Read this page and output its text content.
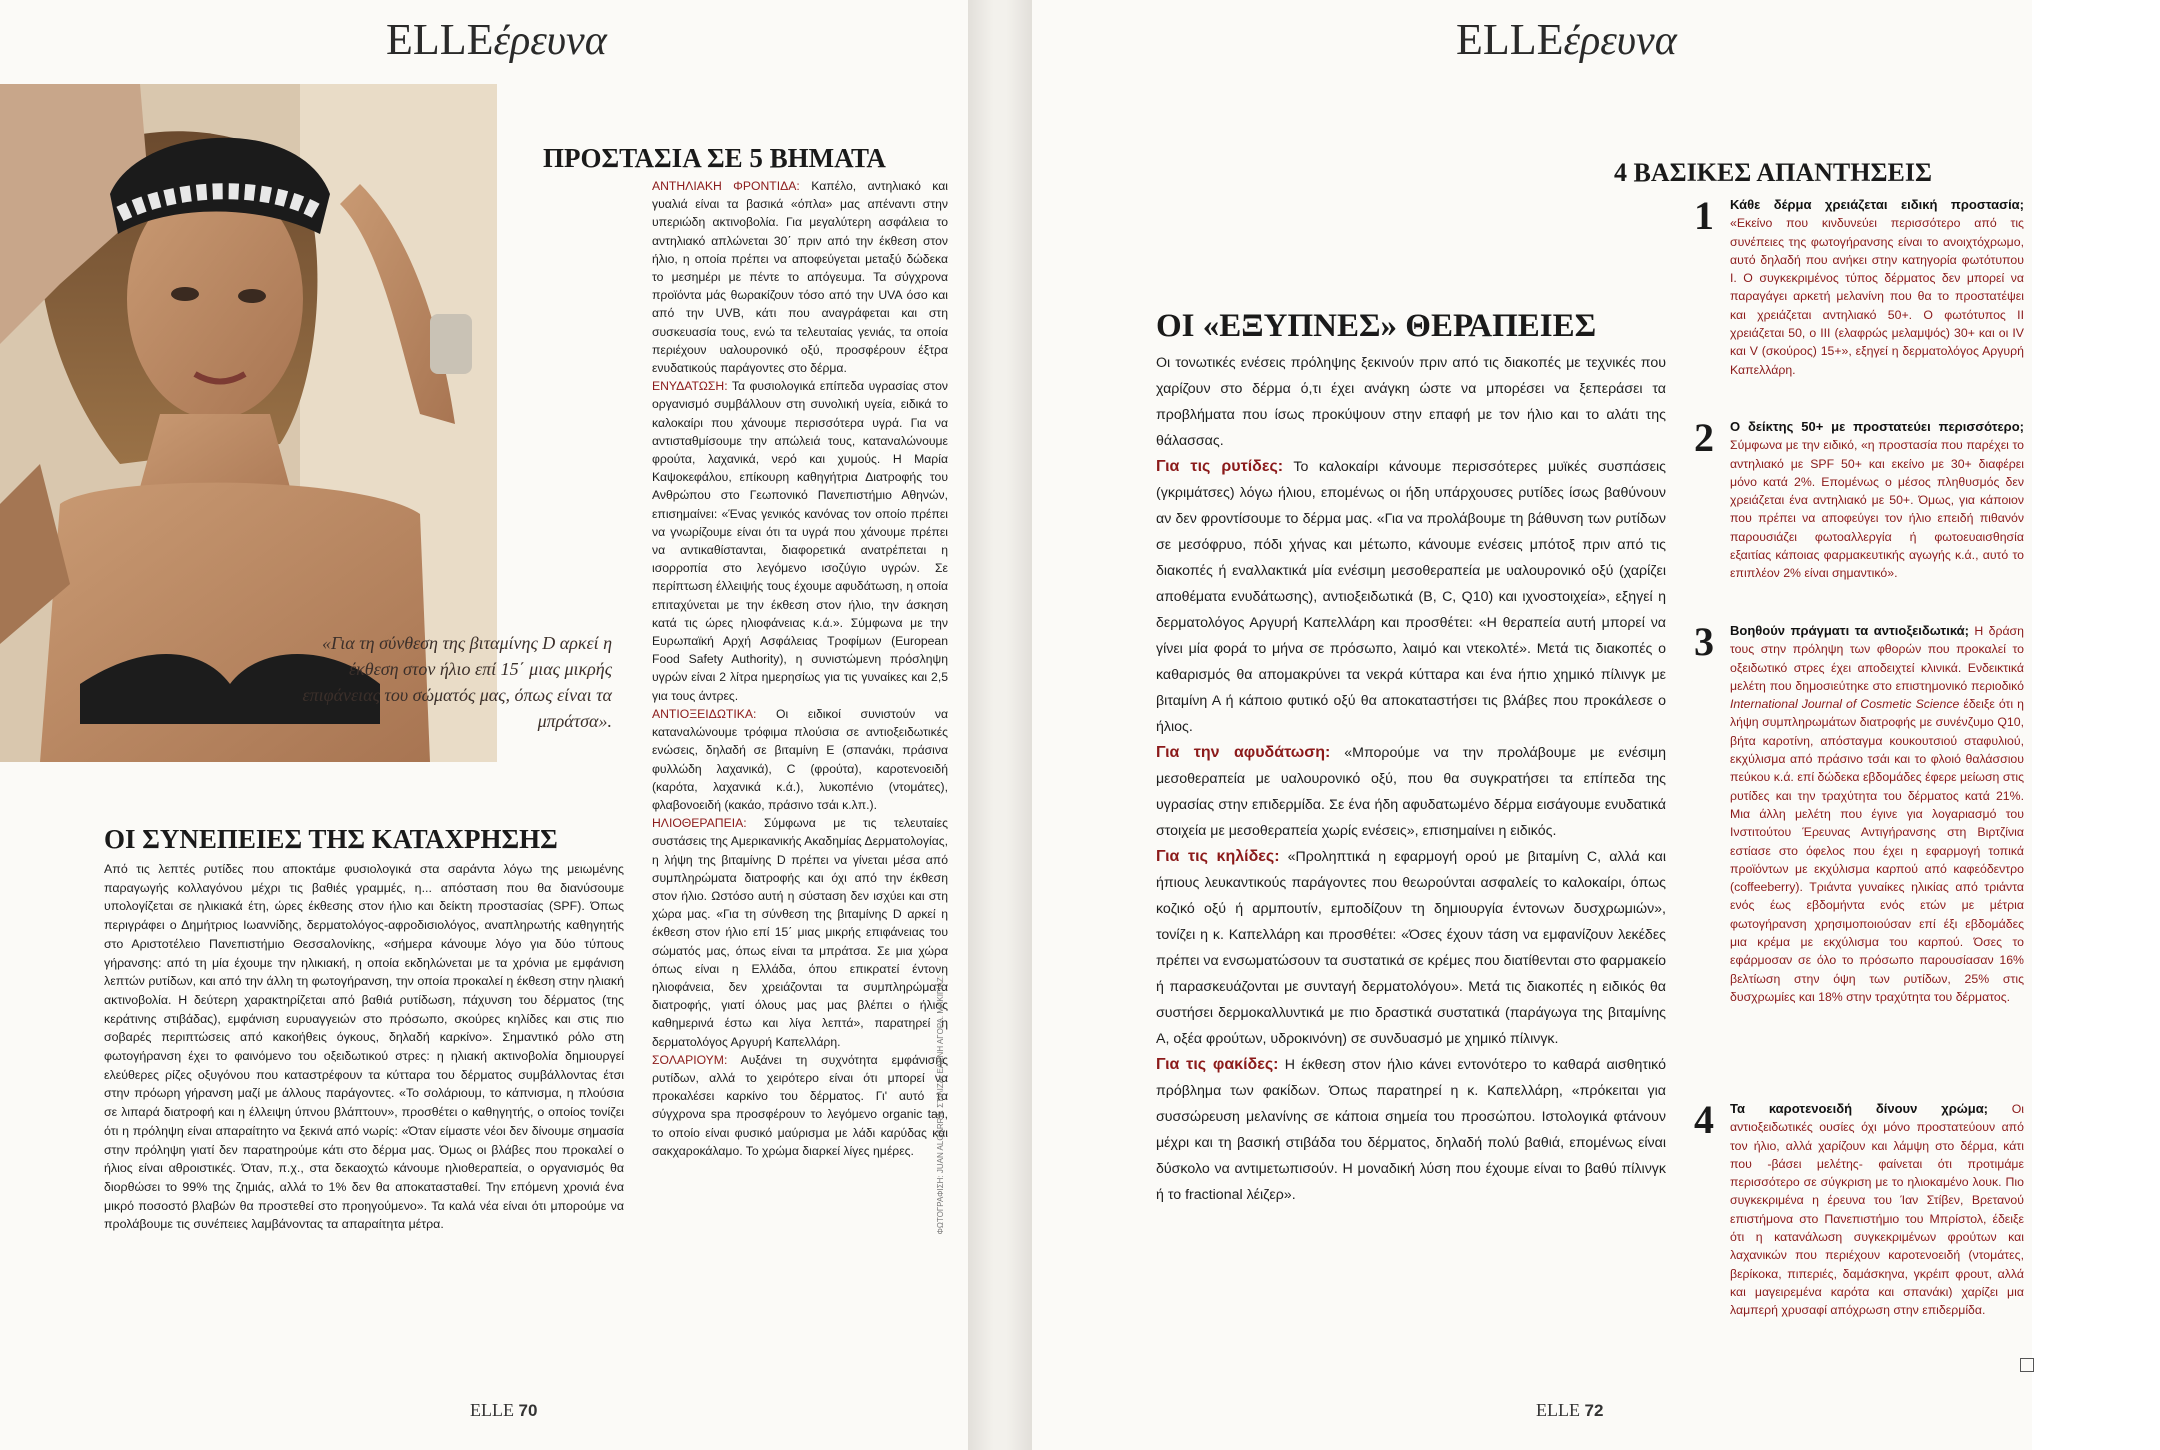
ELLEέρευνα
«Για τη σύνθεση της βιταμίνης D αρκεί η έκθεση στον ήλιο επί 15΄ μιας μικρής επιφάνειας του σώματός μας, όπως είναι τα μπράτσα».
ΠΡΟΣΤΑΣΙΑ ΣΕ 5 ΒΗΜΑΤΑ
ΑΝΤΗΛΙΑΚΗ ΦΡΟΝΤΙΔΑ: Καπέλο, αντηλιακό και γυαλιά είναι τα βασικά «όπλα» μας απέναντι στην υπεριώδη ακτινοβολία. Για μεγαλύτερη ασφάλεια το αντηλιακό απλώνεται 30΄ πριν από την έκθεση στον ήλιο, η οποία πρέπει να αποφεύγεται μεταξύ δώδεκα το μεσημέρι με πέντε το απόγευμα. Τα σύγχρονα προϊόντα μάς θωρακίζουν τόσο από την UVA όσο και από την UVB, κάτι που αναγράφεται και στη συσκευασία τους, ενώ τα τελευταίας γενιάς, τα οποία περιέχουν υαλουρονικό οξύ, προσφέρουν έξτρα ενυδατικούς παράγοντες στο δέρμα.
ΕΝΥΔΑΤΩΣΗ: Τα φυσιολογικά επίπεδα υγρασίας στον οργανισμό συμβάλλουν στη συνολική υγεία, ειδικά το καλοκαίρι που χάνουμε περισσότερα υγρά. Για να αντισταθμίσουμε την απώλειά τους, καταναλώνουμε φρούτα, λαχανικά, νερό και χυμούς. Η Μαρία Καψοκεφάλου, επίκουρη καθηγήτρια Διατροφής του Ανθρώπου στο Γεωπονικό Πανεπιστήμιο Αθηνών, επισημαίνει: «Ένας γενικός κανόνας τον οποίο πρέπει να γνωρίζουμε είναι ότι τα υγρά που χάνουμε πρέπει να αντικαθίστανται, διαφορετικά ανατρέπεται η ισορροπία στο λεγόμενο ισοζύγιο υγρών. Σε περίπτωση έλλειψής τους έχουμε αφυδάτωση, η οποία επιταχύνεται με την έκθεση στον ήλιο, την άσκηση κατά τις ώρες ηλιοφάνειας κ.ά.». Σύμφωνα με την Ευρωπαϊκή Αρχή Ασφάλειας Τροφίμων (European Food Safety Authority), η συνιστώμενη πρόσληψη υγρών είναι 2 λίτρα ημερησίως για τις γυναίκες και 2,5 για τους άντρες.
ΑΝΤΙΟΞΕΙΔΩΤΙΚΑ: Οι ειδικοί συνιστούν να καταναλώνουμε τρόφιμα πλούσια σε αντιοξειδωτικές ενώσεις, δηλαδή σε βιταμίνη Ε (σπανάκι, πράσινα φυλλώδη λαχανικά), C (φρούτα), καροτενοειδή (καρότα, λαχανικά κ.ά.), λυκοπένιο (ντομάτες), φλαβονοειδή (κακάο, πράσινο τσάι κ.λπ.).
ΗΛΙΟΘΕΡΑΠΕΙΑ: Σύμφωνα με τις τελευταίες συστάσεις της Αμερικανικής Ακαδημίας Δερματολογίας, η λήψη της βιταμίνης D πρέπει να γίνεται μέσα από συμπληρώματα διατροφής και όχι από την έκθεση στον ήλιο. Ωστόσο αυτή η σύσταση δεν ισχύει και στη χώρα μας. «Για τη σύνθεση της βιταμίνης D αρκεί η έκθεση στον ήλιο επί 15΄ μιας μικρής επιφάνειας του σώματός μας, όπως είναι τα μπράτσα. Σε μια χώρα όπως είναι η Ελλάδα, όπου επικρατεί έντονη ηλιοφάνεια, δεν χρειάζονται τα συμπληρώματα διατροφής, γιατί όλους μας μας βλέπει ο ήλιος καθημερινά έστω και λίγα λεπτά», παρατηρεί η δερματολόγος Αργυρή Καπελλάρη.
ΣΟΛΑΡΙΟΥΜ: Αυξάνει τη συχνότητα εμφάνισης ρυτίδων, αλλά το χειρότερο είναι ότι μπορεί να προκαλέσει καρκίνο του δέρματος. Γι' αυτό τα σύγχρονα spa προσφέρουν το λεγόμενο organic tan, το οποίο είναι φυσικό μαύρισμα με λάδι καρύδας και σακχαροκάλαμο. Το χρώμα διαρκεί λίγες ημέρες.	ΦΩΤΟΓΡΑΦΙΣΗ: JUAN ALGARRA. ΣΤΙΛΙΖΑ: ΕΛΕΝΗ ΑΓΟΡΑ. ΜΑΚΙΓΙΑΖ:
ΟΙ ΣΥΝΕΠΕΙΕΣ ΤΗΣ ΚΑΤΑΧΡΗΣΗΣ
Από τις λεπτές ρυτίδες που αποκτάμε φυσιολογικά στα σαράντα λόγω της μειωμένης παραγωγής κολλαγόνου μέχρι τις βαθιές γραμμές, η... απόσταση που θα διανύσουμε υπολογίζεται σε ηλικιακά έτη, ώρες έκθεσης στον ήλιο και δείκτη προστασίας (SPF). Όπως περιγράφει ο Δημήτριος Ιωαννίδης, δερματολόγος-αφροδισιολόγος, αναπληρωτής καθηγητής στο Αριστοτέλειο Πανεπιστήμιο Θεσσαλονίκης, «σήμερα κάνουμε λόγο για δύο τύπους γήρανσης: από τη μία έχουμε την ηλικιακή, η οποία εκδηλώνεται με τα χρόνια με εμφάνιση λεπτών ρυτίδων, και από την άλλη τη φωτογήρανση, την οποία προκαλεί η έκθεση στην ηλιακή ακτινοβολία. Η δεύτερη χαρακτηρίζεται από βαθιά ρυτίδωση, πάχυνση του δέρματος (της κεράτινης στιβάδας), εμφάνιση ευρυαγγειών στο πρόσωπο, σκούρες κηλίδες και στις πιο σοβαρές περιπτώσεις από κακοήθεις όγκους, δηλαδή καρκίνο». Σημαντικό ρόλο στη φωτογήρανση έχει το φαινόμενο του οξειδωτικού στρες: η ηλιακή ακτινοβολία δημιουργεί ελεύθερες ρίζες οξυγόνου που καταστρέφουν τα κύτταρα του δέρματος συμβάλλοντας έτσι στην πρόωρη γήρανση μαζί με άλλους παράγοντες. «Το σολάριουμ, το κάπνισμα, η πλούσια σε λιπαρά διατροφή και η έλλειψη ύπνου βλάπτουν», προσθέτει ο καθηγητής, ο οποίος τονίζει ότι η πρόληψη είναι απαραίτητο να ξεκινά από νωρίς: «Όταν είμαστε νέοι δεν δίνουμε σημασία στην πρόληψη γιατί δεν παρατηρούμε κάτι στο δέρμα μας. Όμως οι βλάβες που προκαλεί ο ήλιος είναι αθροιστικές. Όταν, π.χ., στα δεκαοχτώ κάνουμε ηλιοθεραπεία, ο οργανισμός θα διορθώσει το 99% της ζημιάς, αλλά το 1% δεν θα αποκατασταθεί. Την επόμενη χρονιά ένα μικρό ποσοστό βλαβών θα προστεθεί στο προηγούμενο». Τα καλά νέα είναι ότι μπορούμε να προλάβουμε τις συνέπειες λαμβάνοντας τα απαραίτητα μέτρα.
ELLE 70
ELLEέρευνα
ΟΙ «ΕΞΥΠΝΕΣ» ΘΕΡΑΠΕΙΕΣ

Οι τονωτικές ενέσεις πρόληψης ξεκινούν πριν από τις διακοπές με τεχνικές που χαρίζουν στο δέρμα ό,τι έχει ανάγκη ώστε να μπορέσει να ξεπεράσει τα προβλήματα που ίσως προκύψουν στην επαφή με τον ήλιο και το αλάτι της θάλασσας.

Για τις ρυτίδες: Το καλοκαίρι κάνουμε περισσότερες μυϊκές συσπάσεις (γκριμάτσες) λόγω ήλιου, επομένως οι ήδη υπάρχουσες ρυτίδες ίσως βαθύνουν αν δεν φροντίσουμε το δέρμα μας. «Για να προλάβουμε τη βάθυνση των ρυτίδων σε μεσόφρυο, πόδι χήνας και μέτωπο, κάνουμε ενέσεις μπότοξ πριν από τις διακοπές ή εναλλακτικά μία ενέσιμη μεσοθεραπεία με υαλουρονικό οξύ (χαρίζει αποθέματα ενυδάτωσης), αντιοξειδωτικά (Β, C, Q10) και ιχνοστοιχεία», εξηγεί η δερματολόγος Αργυρή Καπελλάρη και προσθέτει: «Η θεραπεία αυτή μπορεί να γίνει μία φορά το μήνα σε πρόσωπο, λαιμό και ντεκολτέ». Μετά τις διακοπές ο καθαρισμός θα απομακρύνει τα νεκρά κύτταρα και ένα ήπιο χημικό πίλινγκ με βιταμίνη Α ή κάποιο φυτικό οξύ θα αποκαταστήσει τις βλάβες που προκάλεσε ο ήλιος.

Για την αφυδάτωση: «Μπορούμε να την προλάβουμε με ενέσιμη μεσοθεραπεία με υαλουρονικό οξύ, που θα συγκρατήσει τα επίπεδα της υγρασίας στην επιδερμίδα. Σε ένα ήδη αφυδατωμένο δέρμα εισάγουμε ενυδατικά στοιχεία με μεσοθεραπεία χωρίς ενέσεις», επισημαίνει η ειδικός.

Για τις κηλίδες: «Προληπτικά η εφαρμογή ορού με βιταμίνη C, αλλά και ήπιους λευκαντικούς παράγοντες που θεωρούνται ασφαλείς το καλοκαίρι, όπως κοζικό οξύ ή αρμπουτίν, εμποδίζουν τη δημιουργία έντονων δυσχρωμιών», τονίζει η κ. Καπελλάρη και προσθέτει: «Όσες έχουν τάση να εμφανίζουν λεκέδες πρέπει να ενσωματώσουν τα συστατικά σε κρέμες που διατίθενται στο φαρμακείο ή παρασκευάζονται με συνταγή δερματολόγου». Μετά τις διακοπές η ειδικός θα συστήσει δερμοκαλλυντικά με πιο δραστικά συστατικά (παράγωγα της βιταμίνης Α, οξέα φρούτων, υδροκινόνη) σε συνδυασμό με χημικό πίλινγκ.

Για τις φακίδες: Η έκθεση στον ήλιο κάνει εντονότερο το καθαρά αισθητικό πρόβλημα των φακίδων. Όπως παρατηρεί η κ. Καπελλάρη, «πρόκειται για συσσώρευση μελανίνης σε κάποια σημεία του προσώπου. Ιστολογικά φτάνουν μέχρι και τη βασική στιβάδα του δέρματος, δηλαδή πολύ βαθιά, επομένως είναι δύσκολο να αντιμετωπισούν. Η μοναδική λύση που έχουμε είναι το βαθύ πίλινγκ ή το fractional λέιζερ».

ELLE 72
4 ΒΑΣΙΚΕΣ ΑΠΑΝΤΗΣΕΙΣ
1 Κάθε δέρμα χρειάζεται ειδική προστασία; «Εκείνο που κινδυνεύει περισσότερο από τις συνέπειες της φωτογήρανσης είναι το ανοιχτόχρωμο, αυτό δηλαδή που ανήκει στην κατηγορία φωτότυπου Ι. Ο συγκεκριμένος τύπος δέρματος δεν μπορεί να παραγάγει αρκετή μελανίνη που θα το προστατέψει και χρειάζεται αντηλιακό 50+. Ο φωτότυπος ΙΙ χρειάζεται 50, ο ΙΙΙ (ελαφρώς μελαμψός) 30+ και οι IV και V (σκούρος) 15+», εξηγεί η δερματολόγος Αργυρή Καπελλάρη.
2 Ο δείκτης 50+ με προστατεύει περισσότερο; Σύμφωνα με την ειδικό, «η προστασία που παρέχει το αντηλιακό με SPF 50+ και εκείνο με 30+ διαφέρει μόνο κατά 2%. Επομένως ο μέσος πληθυσμός δεν χρειάζεται ένα αντηλιακό με 50+. Όμως, για κάποιον που πρέπει να αποφεύγει τον ήλιο επειδή πιθανόν παρουσιάζει φωτοαλλεργία ή φωτοευαισθησία εξαιτίας κάποιας φαρμακευτικής αγωγής κ.ά., αυτό το επιπλέον 2% είναι σημαντικό».
3 Βοηθούν πράγματι τα αντιοξειδωτικά; Η δράση τους στην πρόληψη των φθορών που προκαλεί το οξειδωτικό στρες έχει αποδειχτεί κλινικά. Ενδεικτικά μελέτη που δημοσιεύτηκε στο επιστημονικό περιοδικό International Journal of Cosmetic Science έδειξε ότι η λήψη συμπληρωμάτων διατροφής με συνένζυμο Q10, βήτα καροτίνη, απόσταγμα κουκουτσιού σταφυλιού, εκχύλισμα από πράσινο τσάι και το φλοιό θαλάσσιου πεύκου κ.ά. επί δώδεκα εβδομάδες έφερε μείωση στις ρυτίδες και την τραχύτητα του δέρματος κατά 21%. Μια άλλη μελέτη που έγινε για λογαριασμό του Ινστιτούτου Έρευνας Αντιγήρανσης στη Βιρτζίνια εστίασε στο όφελος που έχει η εφαρμογή τοπικά προϊόντων με εκχύλισμα καρπού από καφεόδεντρο (coffeeberry). Τριάντα γυναίκες ηλικίας από τριάντα ενός έως εβδομήντα ενός ετών με μέτρια φωτογήρανση χρησιμοποιούσαν επί έξι εβδομάδες μια κρέμα με εκχύλισμα του καρπού. Όσες το εφάρμοσαν σε όλο το πρόσωπο παρουσίασαν 16% βελτίωση στην όψη των ρυτίδων, 25% στις δυσχρωμίες και 18% στην τραχύτητα του δέρματος.
4 Τα καροτενοειδή δίνουν χρώμα; Οι αντιοξειδωτικές ουσίες όχι μόνο προστατεύουν από τον ήλιο, αλλά χαρίζουν και λάμψη στο δέρμα, κάτι που -βάσει μελέτης- φαίνεται ότι προτιμάμε περισσότερο σε σύγκριση με το ηλιοκαμένο λουκ. Πιο συγκεκριμένα η έρευνα του Ίαν Στίβεν, Βρετανού επιστήμονα στο Πανεπιστήμιο του Μπρίστολ, έδειξε ότι η κατανάλωση συγκεκριμένων φρούτων και λαχανικών που περιέχουν καροτενοειδή (ντομάτες, βερίκοκα, πιπεριές, δαμάσκηνα, γκρέιπ φρουτ, αλλά και μαγειρεμένα καρότα και σπανάκι) χαρίζει μια λαμπερή χρυσαφί απόχρωση στην επιδερμίδα.
